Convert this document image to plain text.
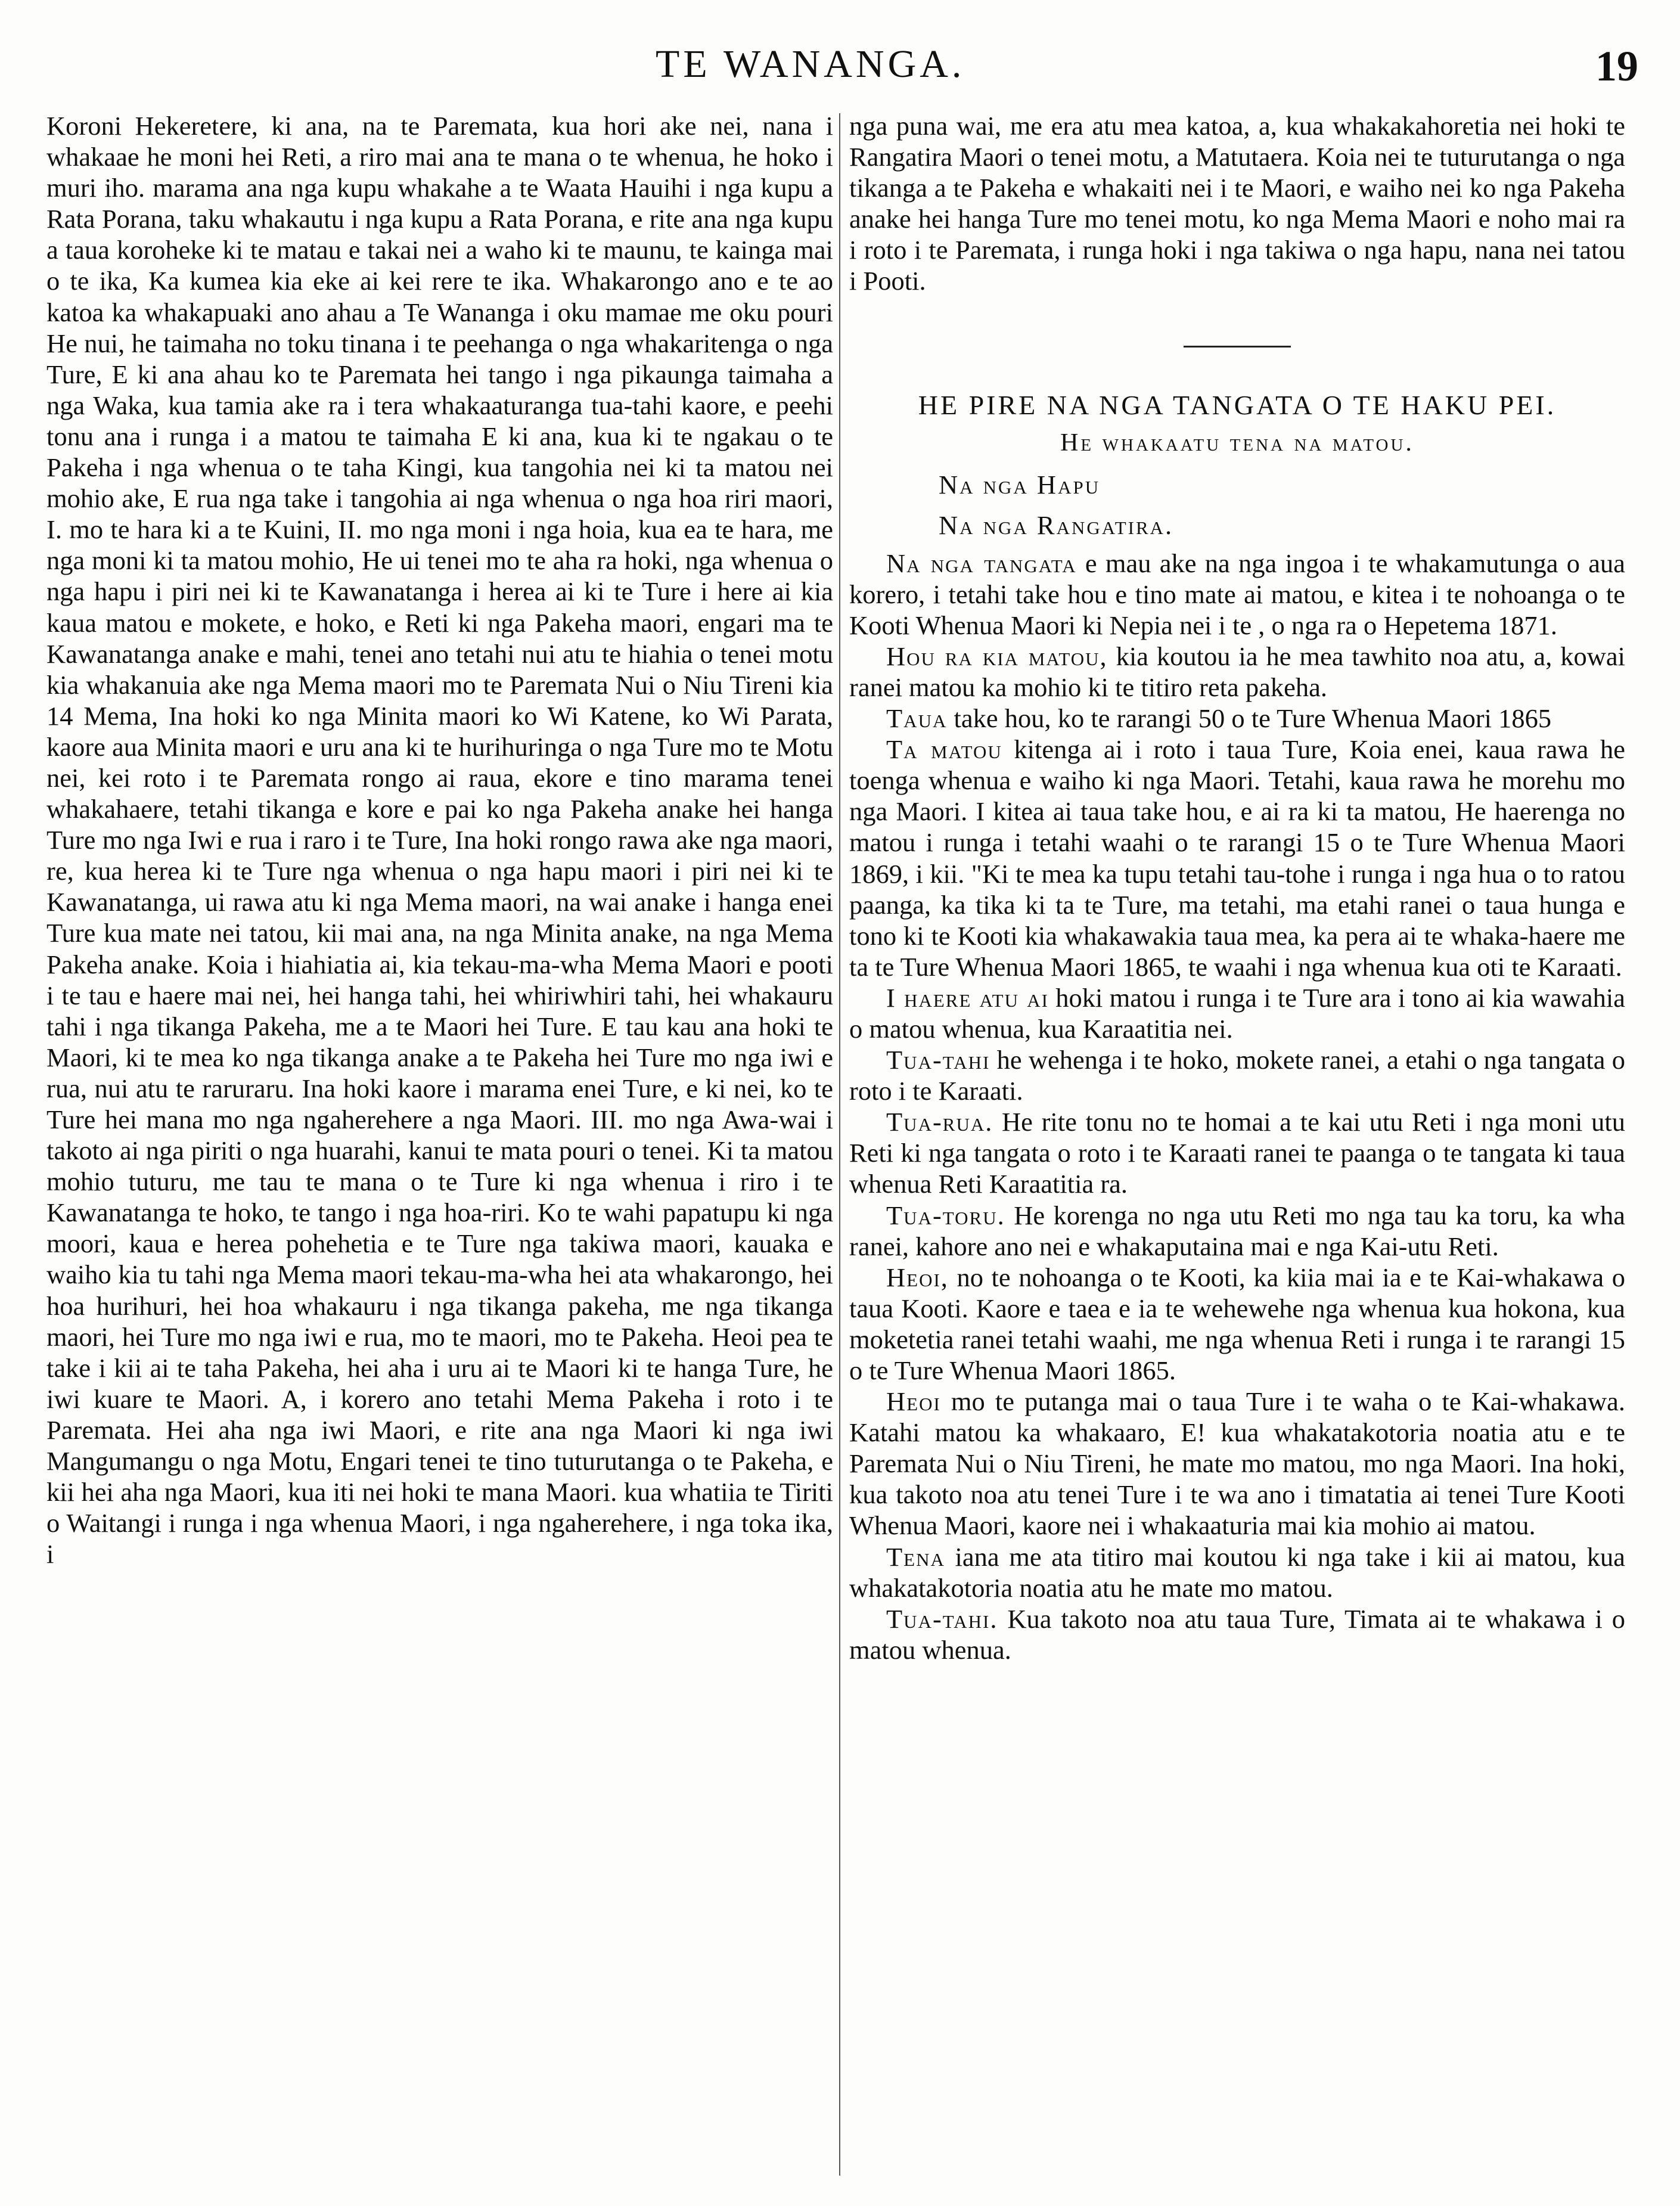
TE WANANGA.	19

Koroni Hekeretere, ki ana, na te Paremata, kua hori ake nei, nana i whakaae he moni hei Reti, a riro mai ana te mana o te whenua, he hoko i muri iho. marama ana nga kupu whakahe a te Waata Hauihi i nga kupu a Rata Porana, taku whakautu i nga kupu a Rata Porana, e rite ana nga kupu a taua koroheke ki te matau e takai nei a waho ki te maunu, te kainga mai o te ika, Ka kumea kia eke ai kei rere te ika. Whakarongo ano e te ao katoa ka whakapuaki ano ahau a Te Wananga i oku mamae me oku pouri He nui, he taimaha no toku tinana i te peehanga o nga whakaritenga o nga Ture, E ki ana ahau ko te Paremata hei tango i nga pikaunga taimaha a nga Waka, kua tamia ake ra i tera whakaaturanga tua-tahi kaore, e peehi tonu ana i runga i a matou te taimaha E ki ana, kua ki te ngakau o te Pakeha i nga whenua o te taha Kingi, kua tangohia nei ki ta matou nei mohio ake, E rua nga take i tangohia ai nga whenua o nga hoa riri maori, I. mo te hara ki a te Kuini, II. mo nga moni i nga hoia, kua ea te hara, me nga moni ki ta matou mohio, He ui tenei mo te aha ra hoki, nga whenua o nga hapu i piri nei ki te Kawanatanga i herea ai ki te Ture i here ai kia kaua matou e mokete, e hoko, e Reti ki nga Pakeha maori, engari ma te Kawanatanga anake e mahi, tenei ano tetahi nui atu te hiahia o tenei motu kia whakanuia ake nga Mema maori mo te Paremata Nui o Niu Tireni kia 14 Mema, Ina hoki ko nga Minita maori ko Wi Katene, ko Wi Parata, kaore aua Minita maori e uru ana ki te hurihuringa o nga Ture mo te Motu nei, kei roto i te Paremata rongo ai raua, ekore e tino marama tenei whakahaere, tetahi tikanga e kore e pai ko nga Pakeha anake hei hanga Ture mo nga Iwi e rua i raro i te Ture, Ina hoki rongo rawa ake nga maori, re, kua herea ki te Ture nga whenua o nga hapu maori i piri nei ki te Kawanatanga, ui rawa atu ki nga Mema maori, na wai anake i hanga enei Ture kua mate nei tatou, kii mai ana, na nga Minita anake, na nga Mema Pakeha anake. Koia i hiahiatia ai, kia tekau-ma-wha Mema Maori e pooti i te tau e haere mai nei, hei hanga tahi, hei whiriwhiri tahi, hei whakauru tahi i nga tikanga Pakeha, me a te Maori hei Ture. E tau kau ana hoki te Maori, ki te mea ko nga tikanga anake a te Pakeha hei Ture mo nga iwi e rua, nui atu te raruraru. Ina hoki kaore i marama enei Ture, e ki nei, ko te Ture hei mana mo nga ngaherehere a nga Maori. III. mo nga Awa-wai i takoto ai nga piriti o nga huarahi, kanui te mata pouri o tenei. Ki ta matou mohio tuturu, me tau te mana o te Ture ki nga whenua i riro i te Kawanatanga te hoko, te tango i nga hoa-riri. Ko te wahi papatupu ki nga moori, kaua e herea pohehetia e te Ture nga takiwa maori, kauaka e waiho kia tu tahi nga Mema maori tekau-ma-wha hei ata whakarongo, hei hoa hurihuri, hei hoa whakauru i nga tikanga pakeha, me nga tikanga maori, hei Ture mo nga iwi e rua, mo te maori, mo te Pakeha. Heoi pea te take i kii ai te taha Pakeha, hei aha i uru ai te Maori ki te hanga Ture, he iwi kuare te Maori. A, i korero ano tetahi Mema Pakeha i roto i te Paremata. Hei aha nga iwi Maori, e rite ana nga Maori ki nga iwi Mangumangu o nga Motu, Engari tenei te tino tuturutanga o te Pakeha, e kii hei aha nga Maori, kua iti nei hoki te mana Maori. kua whatiia te Tiriti o Waitangi i runga i nga whenua Maori, i nga ngaherehere, i nga toka ika, i

nga puna wai, me era atu mea katoa, a, kua whakakahoretia nei hoki te Rangatira Maori o tenei motu, a Matutaera. Koia nei te tuturutanga o nga tikanga a te Pakeha e whakaiti nei i te Maori, e waiho nei ko nga Pakeha anake hei hanga Ture mo tenei motu, ko nga Mema Maori e noho mai ra i roto i te Paremata, i runga hoki i nga takiwa o nga hapu, nana nei tatou i Pooti.

HE PIRE NA NGA TANGATA O TE HAKU PEI.
He whakaatu tena na matou.
Na nga Hapu
Na nga Rangatira.

Na nga tangata e mau ake na nga ingoa i te whakamutunga o aua korero, i tetahi take hou e tino mate ai matou, e kitea i te nohoanga o te Kooti Whenua Maori ki Nepia nei i te , o nga ra o Hepetema 1871.

Hou ra kia matou, kia koutou ia he mea tawhito noa atu, a, kowai ranei matou ka mohio ki te titiro reta pakeha.

Taua take hou, ko te rarangi 50 o te Ture Whenua Maori 1865

Ta matou kitenga ai i roto i taua Ture, Koia enei, kaua rawa he toenga whenua e waiho ki nga Maori. Tetahi, kaua rawa he morehu mo nga Maori. I kitea ai taua take hou, e ai ra ki ta matou, He haerenga no matou i runga i tetahi waahi o te rarangi 15 o te Ture Whenua Maori 1869, i kii. "Ki te mea ka tupu tetahi tau-tohe i runga i nga hua o to ratou paanga, ka tika ki ta te Ture, ma tetahi, ma etahi ranei o taua hunga e tono ki te Kooti kia whakawakia taua mea, ka pera ai te whaka-haere me ta te Ture Whenua Maori 1865, te waahi i nga whenua kua oti te Karaati.

I haere atu ai hoki matou i runga i te Ture ara i tono ai kia wawahia o matou whenua, kua Karaatitia nei.

Tua-tahi he wehenga i te hoko, mokete ranei, a etahi o nga tangata o roto i te Karaati.

Tua-rua. He rite tonu no te homai a te kai utu Reti i nga moni utu Reti ki nga tangata o roto i te Karaati ranei te paanga o te tangata ki taua whenua Reti Karaatitia ra.

Tua-toru. He korenga no nga utu Reti mo nga tau ka toru, ka wha ranei, kahore ano nei e whakaputaina mai e nga Kai-utu Reti.

Heoi, no te nohoanga o te Kooti, ka kiia mai ia e te Kai-whakawa o taua Kooti. Kaore e taea e ia te wehewehe nga whenua kua hokona, kua moketetia ranei tetahi waahi, me nga whenua Reti i runga i te rarangi 15 o te Ture Whenua Maori 1865.

Heoi mo te putanga mai o taua Ture i te waha o te Kai-whakawa. Katahi matou ka whakaaro, E! kua whakatakotoria noatia atu e te Paremata Nui o Niu Tireni, he mate mo matou, mo nga Maori. Ina hoki, kua takoto noa atu tenei Ture i te wa ano i timatatia ai tenei Ture Kooti Whenua Maori, kaore nei i whakaaturia mai kia mohio ai matou.

Tena iana me ata titiro mai koutou ki nga take i kii ai matou, kua whakatakotoria noatia atu he mate mo matou.

Tua-tahi. Kua takoto noa atu taua Ture, Timata ai te whakawa i o matou whenua.
